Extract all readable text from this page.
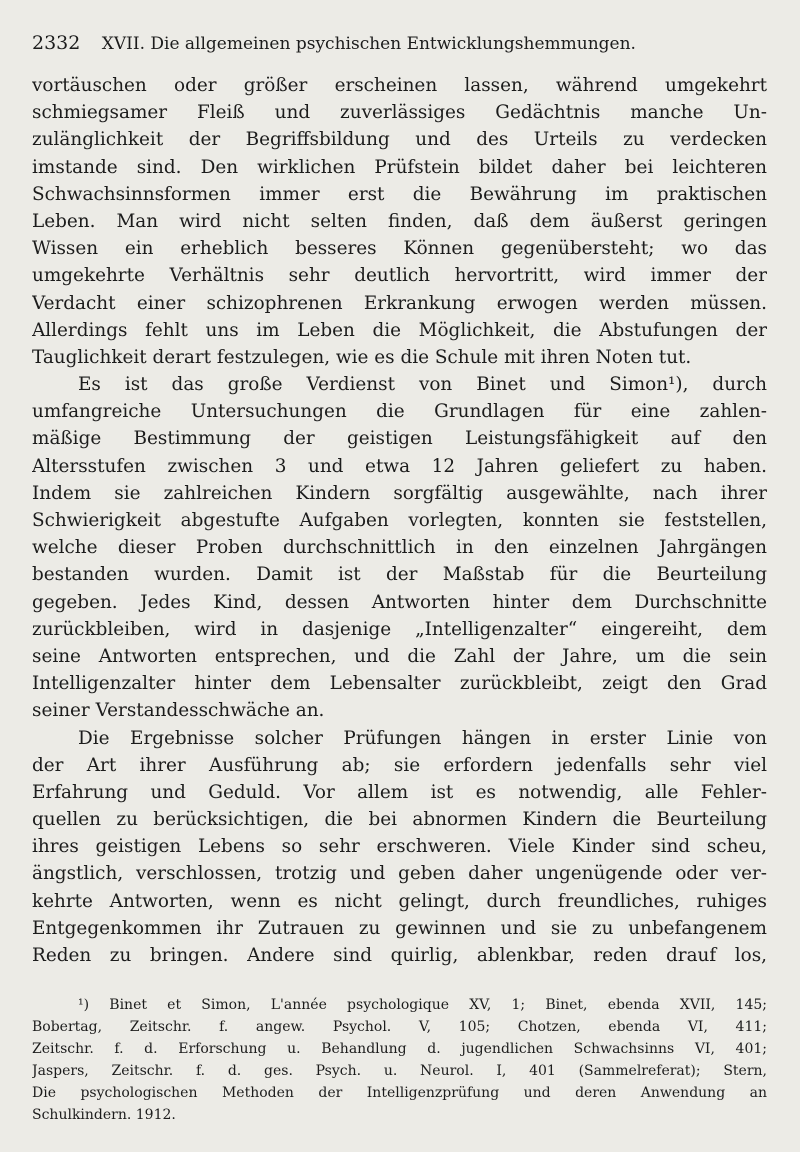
2332 XVII. Die allgemeinen psychischen Entwicklungshemmungen.
vortäuschen oder größer erscheinen lassen, während umgekehrt
schmiegsamer Fleiß und zuverlässiges Gedächtnis manche Un-
zulänglichkeit der Begriffsbildung und des Urteils zu verdecken
imstande sind. Den wirklichen Prüfstein bildet daher bei leichteren
Schwachsinnsformen immer erst die Bewährung im praktischen
Leben. Man wird nicht selten finden, daß dem äußerst geringen
Wissen ein erheblich besseres Können gegenübersteht; wo das
umgekehrte Verhältnis sehr deutlich hervortritt, wird immer der
Verdacht einer schizophrenen Erkrankung erwogen werden müssen.
Allerdings fehlt uns im Leben die Möglichkeit, die Abstufungen der
Tauglichkeit derart festzulegen, wie es die Schule mit ihren Noten tut.
Es ist das große Verdienst von Binet und Simon¹), durch
umfangreiche Untersuchungen die Grundlagen für eine zahlen-
mäßige Bestimmung der geistigen Leistungsfähigkeit auf den
Altersstufen zwischen 3 und etwa 12 Jahren geliefert zu haben.
Indem sie zahlreichen Kindern sorgfältig ausgewählte, nach ihrer
Schwierigkeit abgestufte Aufgaben vorlegten, konnten sie feststellen,
welche dieser Proben durchschnittlich in den einzelnen Jahrgängen
bestanden wurden. Damit ist der Maßstab für die Beurteilung
gegeben. Jedes Kind, dessen Antworten hinter dem Durchschnitte
zurückbleiben, wird in dasjenige „Intelligenzalter“ eingereiht, dem
seine Antworten entsprechen, und die Zahl der Jahre, um die sein
Intelligenzalter hinter dem Lebensalter zurückbleibt, zeigt den Grad
seiner Verstandesschwäche an.
Die Ergebnisse solcher Prüfungen hängen in erster Linie von
der Art ihrer Ausführung ab; sie erfordern jedenfalls sehr viel
Erfahrung und Geduld. Vor allem ist es notwendig, alle Fehler-
quellen zu berücksichtigen, die bei abnormen Kindern die Beurteilung
ihres geistigen Lebens so sehr erschweren. Viele Kinder sind scheu,
ängstlich, verschlossen, trotzig und geben daher ungenügende oder ver-
kehrte Antworten, wenn es nicht gelingt, durch freundliches, ruhiges
Entgegenkommen ihr Zutrauen zu gewinnen und sie zu unbefangenem
Reden zu bringen. Andere sind quirlig, ablenkbar, reden drauf los,
¹) Binet et Simon, L'année psychologique XV, 1; Binet, ebenda XVII, 145;
Bobertag, Zeitschr. f. angew. Psychol. V, 105; Chotzen, ebenda VI, 411;
Zeitschr. f. d. Erforschung u. Behandlung d. jugendlichen Schwachsinns VI, 401;
Jaspers, Zeitschr. f. d. ges. Psych. u. Neurol. I, 401 (Sammelreferat); Stern,
Die psychologischen Methoden der Intelligenzprüfung und deren Anwendung an
Schulkindern. 1912.
